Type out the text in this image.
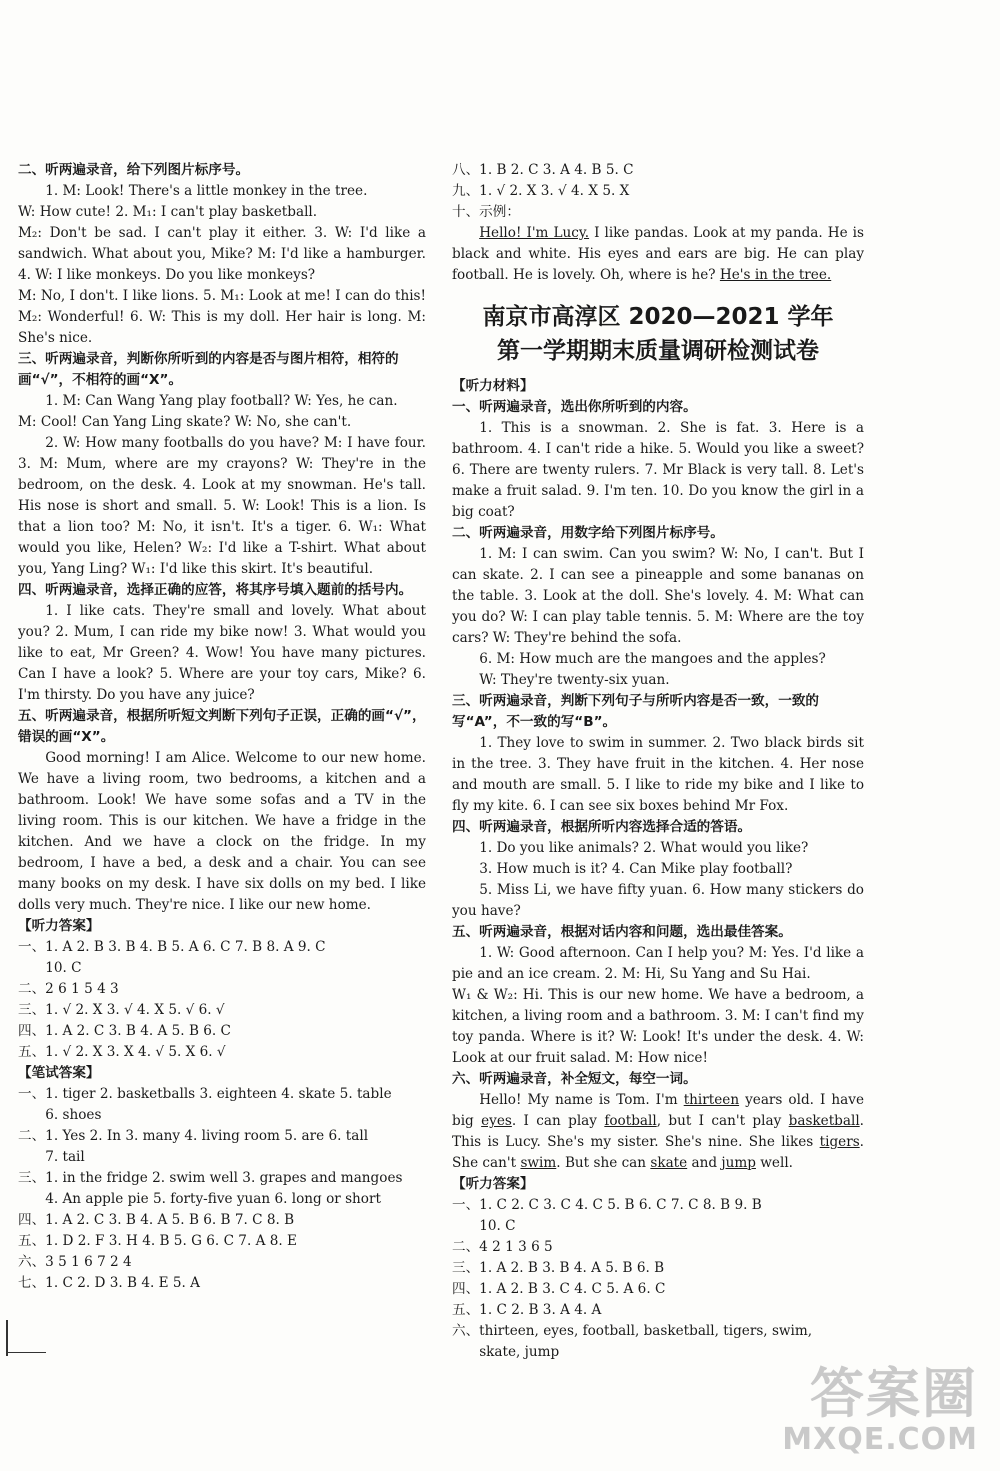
二、听两遍录音，给下列图片标序号。

1. M: Look! There's a little monkey in the tree.

W: How cute! 2. M₁: I can't play basketball.

M₂: Don't be sad. I can't play it either. 3. W: I'd like a sandwich. What about you, Mike? M: I'd like a hamburger. 4. W: I like monkeys. Do you like monkeys?

M: No, I don't. I like lions. 5. M₁: Look at me! I can do this! M₂: Wonderful! 6. W: This is my doll. Her hair is long. M: She's nice.

三、听两遍录音，判断你所听到的内容是否与图片相符，相符的画“√”，不相符的画“X”。

1. M: Can Wang Yang play football? W: Yes, he can.

M: Cool! Can Yang Ling skate? W: No, she can't.

2. W: How many footballs do you have? M: I have four. 3. M: Mum, where are my crayons? W: They're in the bedroom, on the desk. 4. Look at my snowman. He's tall. His nose is short and small. 5. W: Look! This is a lion. Is that a lion too? M: No, it isn't. It's a tiger. 6. W₁: What would you like, Helen? W₂: I'd like a T-shirt. What about you, Yang Ling? W₁: I'd like this skirt. It's beautiful.

四、听两遍录音，选择正确的应答，将其序号填入题前的括号内。

1. I like cats. They're small and lovely. What about you? 2. Mum, I can ride my bike now! 3. What would you like to eat, Mr Green? 4. Wow! You have many pictures. Can I have a look? 5. Where are your toy cars, Mike? 6. I'm thirsty. Do you have any juice?

五、听两遍录音，根据所听短文判断下列句子正误，正确的画“√”，错误的画“X”。

Good morning! I am Alice. Welcome to our new home. We have a living room, two bedrooms, a kitchen and a bathroom. Look! We have some sofas and a TV in the living room. This is our kitchen. We have a fridge in the kitchen. And we have a clock on the fridge. In my bedroom, I have a bed, a desk and a chair. You can see many books on my desk. I have six dolls on my bed. I like dolls very much. They're nice. I like our new home.

【听力答案】

一、1. A 2. B 3. B 4. B 5. A 6. C 7. B 8. A 9. C

10. C

二、2 6 1 5 4 3

三、1. √ 2. X 3. √ 4. X 5. √ 6. √

四、1. A 2. C 3. B 4. A 5. B 6. C

五、1. √ 2. X 3. X 4. √ 5. X 6. √

【笔试答案】

一、1. tiger 2. basketballs 3. eighteen 4. skate 5. table

6. shoes

二、1. Yes 2. In 3. many 4. living room 5. are 6. tall

7. tail

三、1. in the fridge 2. swim well 3. grapes and mangoes

4. An apple pie 5. forty-five yuan 6. long or short

四、1. A 2. C 3. B 4. A 5. B 6. B 7. C 8. B

五、1. D 2. F 3. H 4. B 5. G 6. C 7. A 8. E

六、3 5 1 6 7 2 4

七、1. C 2. D 3. B 4. E 5. A

八、1. B 2. C 3. A 4. B 5. C

九、1. √ 2. X 3. √ 4. X 5. X

十、示例：

Hello! I'm Lucy. I like pandas. Look at my panda. He is black and white. His eyes and ears are big. He can play football. He is lovely. Oh, where is he? He's in the tree.

南京市高淳区 2020—2021 学年
第一学期期末质量调研检测试卷

【听力材料】

一、听两遍录音，选出你所听到的内容。

1. This is a snowman. 2. She is fat. 3. Here is a bathroom. 4. I can't ride a hike. 5. Would you like a sweet? 6. There are twenty rulers. 7. Mr Black is very tall. 8. Let's make a fruit salad. 9. I'm ten. 10. Do you know the girl in a big coat?

二、听两遍录音，用数字给下列图片标序号。

1. M: I can swim. Can you swim? W: No, I can't. But I can skate. 2. I can see a pineapple and some bananas on the table. 3. Look at the doll. She's lovely. 4. M: What can you do? W: I can play table tennis. 5. M: Where are the toy cars? W: They're behind the sofa.

6. M: How much are the mangoes and the apples?

W: They're twenty-six yuan.

三、听两遍录音，判断下列句子与所听内容是否一致，一致的写“A”，不一致的写“B”。

1. They love to swim in summer. 2. Two black birds sit in the tree. 3. They have fruit in the kitchen. 4. Her nose and mouth are small. 5. I like to ride my bike and I like to fly my kite. 6. I can see six boxes behind Mr Fox.

四、听两遍录音，根据所听内容选择合适的答语。

1. Do you like animals? 2. What would you like?

3. How much is it? 4. Can Mike play football?

5. Miss Li, we have fifty yuan. 6. How many stickers do you have?

五、听两遍录音，根据对话内容和问题，选出最佳答案。

1. W: Good afternoon. Can I help you? M: Yes. I'd like a pie and an ice cream. 2. M: Hi, Su Yang and Su Hai.

W₁ & W₂: Hi. This is our new home. We have a bedroom, a kitchen, a living room and a bathroom. 3. M: I can't find my toy panda. Where is it? W: Look! It's under the desk. 4. W: Look at our fruit salad. M: How nice!

六、听两遍录音，补全短文，每空一词。

Hello! My name is Tom. I'm thirteen years old. I have big eyes. I can play football, but I can't play basketball. This is Lucy. She's my sister. She's nine. She likes tigers. She can't swim. But she can skate and jump well.

【听力答案】

一、1. C 2. C 3. C 4. C 5. B 6. C 7. C 8. B 9. B

10. C

二、4 2 1 3 6 5

三、1. A 2. B 3. B 4. A 5. B 6. B

四、1. A 2. B 3. C 4. C 5. A 6. C

五、1. C 2. B 3. A 4. A

六、thirteen, eyes, football, basketball, tigers, swim,

skate, jump

答案圈
MXQE.COM
